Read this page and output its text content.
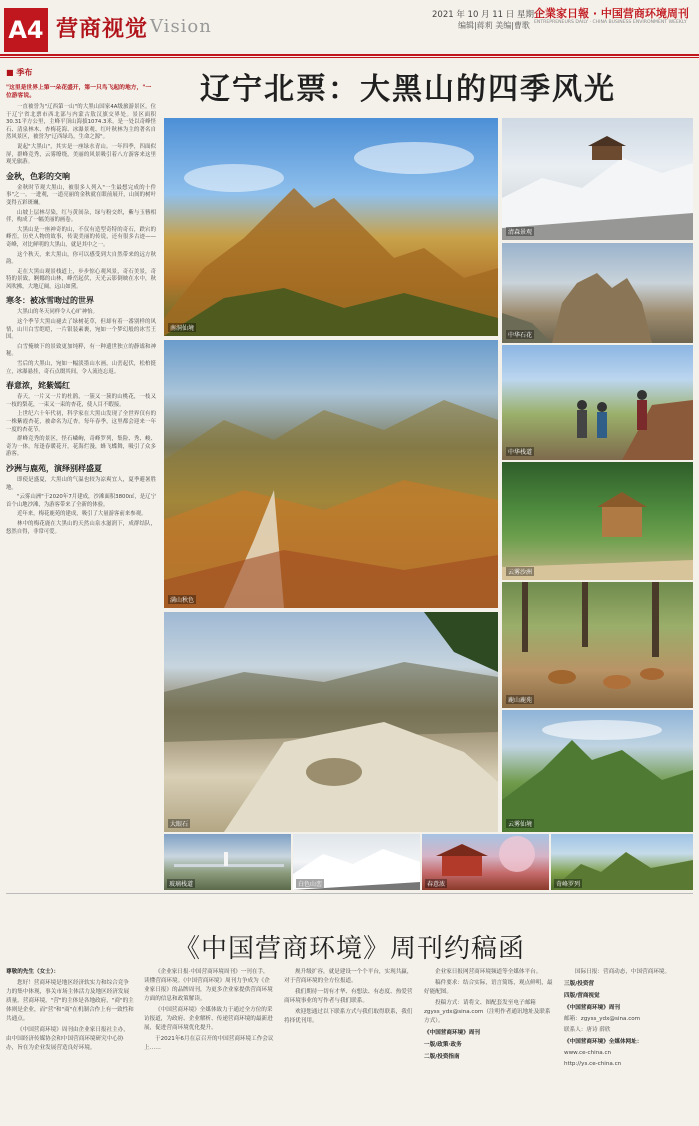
A4 营商视觉 Vision
2021 年 10 月 11 日 星期一
编辑|蒋莉 美编|曹歌
企業家日報 · 中国营商环境周刊
ENTREPRENEURS DAILY · CHINA BUSINESS ENVIRONMENT WEEKLY
■ 季布

"这里是世界上第一朵花盛开，第一只鸟飞起的地方，"一位游客说。

一直被誉为"辽西第一山"的大黑山国家4A级旅游景区，位于辽宁省北票市西北部与内蒙古敖汉旗交界处。景区面积30.31平方公里，主峰平顶山海拔1074.3米。是一处以奇峰怪石、清泉林木、杏梅花海、冰瀑景观、红叶秋林为主的著名自然风景区，被誉为"辽西绿岛，生命之源"。

说起"大黑山"，其实是一座绿水青山。一年四季，四面似屏，群峰竞秀，云雾缭绕，美丽的风景吸引着八方游客来这里观光旅游。

金秋，色彩的交响

金秋时节观大黑山，被很多人列入"一生最想完成的十件事"之一。一进观，一道亮丽的金秋就在眼前展开，山间的树叶变得五彩斑斓。

山坡上层林尽染，红与黄间杂，绿与粉交织，紫与玉簪相伴，构成了一幅美丽的画卷。

大黑山是一座神奇的山，不仅有造型奇特的奇石，跌宕的峰峦，历史人物的故事，传说美丽的传说，还有很多古迹——奇峰，对比鲜明的大黑山，就是其中之一。

这个秋天，来大黑山，你可以感受到大自然带来的远方秋韵。

走在大黑山观景栈道上，步步惊心观风景，奇石美景，奇特的景致，婀娜的山林，峰峦起伏，天光云影倒映在水中，秋风吹拂，大地辽阔，远山如黛。

寒冬：被冰雪吻过的世界

大黑山的冬天同样令人心旷神怡。

这个季节大黑山褪去了绿树花草，但却有着一番别样的风情，山川白雪皑皑，一片银装素裹，宛如一个梦幻般的冰雪王国。

白雪掩映下的景致更加纯粹，有一种遗世独立的静谧和神秘。

雪后的大黑山，宛如一幅淡墨山水画，山峦起伏，松柏挺立，冰瀑悬挂，奇石点缀其间，令人流连忘返。

春意浓，姹紫嫣红

春天，一片又一片的杜鹃，一簇又一簇的山桃花，一枝又一枝的梨花，一束又一束的杏花，使人目不暇接。

上世纪六十年代初，科学家在大黑山发现了全世界仅有的一株紫霞杏花，被命名为辽杏。每年春季，这里都会迎来一年一度的杏花节。

群峰竞秀的景区，怪石嶙峋，奇峰罗列，集险、秀、峻、奇为一体。每逢春暖花开，花海烂漫，蜂飞蝶舞，吸引了众多游客。

沙洲与鹿苑，演绎别样盛夏

即使是盛夏，大黑山的气温也较为凉爽宜人，夏季避暑胜地。

"云雾山洲"于2020年7月建成，沙滩面积3800㎡，是辽宁首个山地沙滩，为游客带来了全新的体验。

近年来，梅花鹿苑的建成，吸引了大量游客前来参观。

林中的梅花鹿在大黑山的天然山泉水滋润下，成群结队，悠然自得，非常可爱。

辽宁北票：大黑山的四季风光
南洞仙境
清森景观
中华石花
中华栈道
云雾沙洲
鹿山鹿苑
满山秋色
大眼石	云雾仙境
玻璃栈道	白色山峦	春意浓	奇峰罗列
《中国营商环境》周刊约稿函

尊敬的先生（女士）：

您好！营商环境是地区经济软实力和综合竞争力的集中体现，事关市场主体活力及地区经济发展质量。营商环境，"营"的主体是各地政府，"商"的主体则是企业，而"营"和"商"在机制合作上有一致性和共通点。

《中国营商环境》周刊由企业家日报社主办，由中国经济传媒协会和中国营商环境研究中心协办，旨在为企业发展营造良好环境。

《企业家日报·中国营商环境周刊》一刊在手，读懂营商环境。《中国营商环境》周刊力争成为《企业家日报》的品牌周刊，为更多企业家提供营商环境方面的信息和政策解读。

《中国营商环境》全媒体致力于通过全方位的采访报道，为政府、企业解析、传递营商环境的最新进展，促进营商环境优化提升。

于2021年6月在京召开的中国营商环境工作会议上……

规升级扩容，就是建设一个个平台，实现共赢，对于营商环境的全方位报道。

我们期待一切有才华、有想法、有态度、热爱营商环境事业的写作者与我们联系。

欢迎您通过以下联系方式与我们取得联系，我们将择优刊用。

企业家日报网营商环境频道等全媒体平台。

稿件要求：结合实际，语言简练，观点鲜明，最好能配图。

投稿方式：请将文、图配套发至电子邮箱zgyss_ydx@sina.com（注明作者通讯地址及联系方式）。

《中国营商环境》周刊

一版/政策·政务

二版/投资指南

国际日报：营商动态，中国营商环境。

三版/投资营

四版/营商视觉

《中国营商环境》周刊

邮箱：zgyss_ydx@sina.com

联系人：唐诗 薛欣

《中国营商环境》全媒体网址：

www.ce-china.cn

http://ys.ce-china.cn
